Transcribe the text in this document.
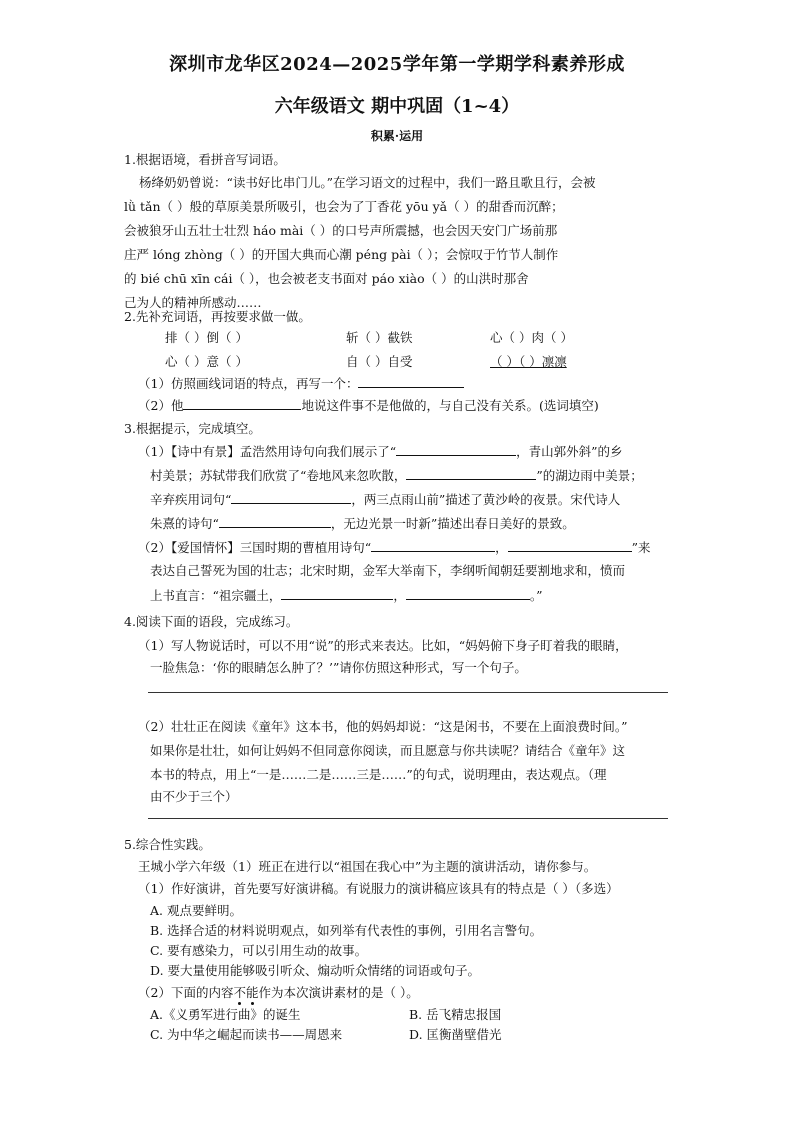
深圳市龙华区2024—2025学年第一学期学科素养形成
六年级语文 期中巩固（1~4）
积累·运用
1.根据语境，看拼音写词语。
杨绛奶奶曾说：“读书好比串门儿。”在学习语文的过程中，我们一路且歌且行，会被
lǜ tǎn（ ）般的草原美景所吸引，也会为了丁香花 yōu yǎ（ ）的甜香而沉醉；
会被狼牙山五壮士壮烈 háo mài（ ）的口号声所震撼，也会因天安门广场前那
庄严 lóng zhòng（ ）的开国大典而心潮 péng pài（ ）；会惊叹于竹节人制作
的 bié chū xīn cái（ ），也会被老支书面对 páo xiào（ ）的山洪时那舍
己为人的精神所感动……
2.先补充词语，再按要求做一做。
排（ ）倒（ ）	斩（ ）截铁	心（ ）肉（ ）
心（ ）意（ ）	自（ ）自受	（ ）（ ）凛凛
（1）仿照画线词语的特点，再写一个：
（2）他	地说这件事不是他做的，与自己没有关系。(选词填空)
3.根据提示，完成填空。
（1）【诗中有景】孟浩然用诗句向我们展示了“	，青山郭外斜”的乡
村美景；苏轼带我们欣赏了“卷地风来忽吹散，	”的湖边雨中美景；
辛弃疾用词句“	，两三点雨山前”描述了黄沙岭的夜景。宋代诗人
朱熹的诗句“	，无边光景一时新”描述出春日美好的景致。
（2）【爱国情怀】三国时期的曹植用诗句“	，	”来
表达自己誓死为国的壮志；北宋时期，金军大举南下，李纲听闻朝廷要割地求和，愤而
上书直言：“祖宗疆土，	，	。”
4.阅读下面的语段，完成练习。
（1）写人物说话时，可以不用“说”的形式来表达。比如，“妈妈俯下身子盯着我的眼睛，
一脸焦急：‘你的眼睛怎么肿了？’”请你仿照这种形式，写一个句子。
（2）壮壮正在阅读《童年》这本书，他的妈妈却说：“这是闲书，不要在上面浪费时间。”
如果你是壮壮，如何让妈妈不但同意你阅读，而且愿意与你共读呢？请结合《童年》这
本书的特点，用上“一是……二是……三是……”的句式，说明理由，表达观点。（理
由不少于三个）
5.综合性实践。
王城小学六年级（1）班正在进行以“祖国在我心中”为主题的演讲活动，请你参与。
（1）作好演讲，首先要写好演讲稿。有说服力的演讲稿应该具有的特点是（ ）（多选）
A. 观点要鲜明。
B. 选择合适的材料说明观点，如列举有代表性的事例，引用名言警句。
C. 要有感染力，可以引用生动的故事。
D. 要大量使用能够吸引听众、煽动听众情绪的词语或句子。
（2）下面的内容不能作为本次演讲素材的是（ ）。
A.《义勇军进行曲》的诞生	B. 岳飞精忠报国
C. 为中华之崛起而读书——周恩来	D. 匡衡凿壁借光
